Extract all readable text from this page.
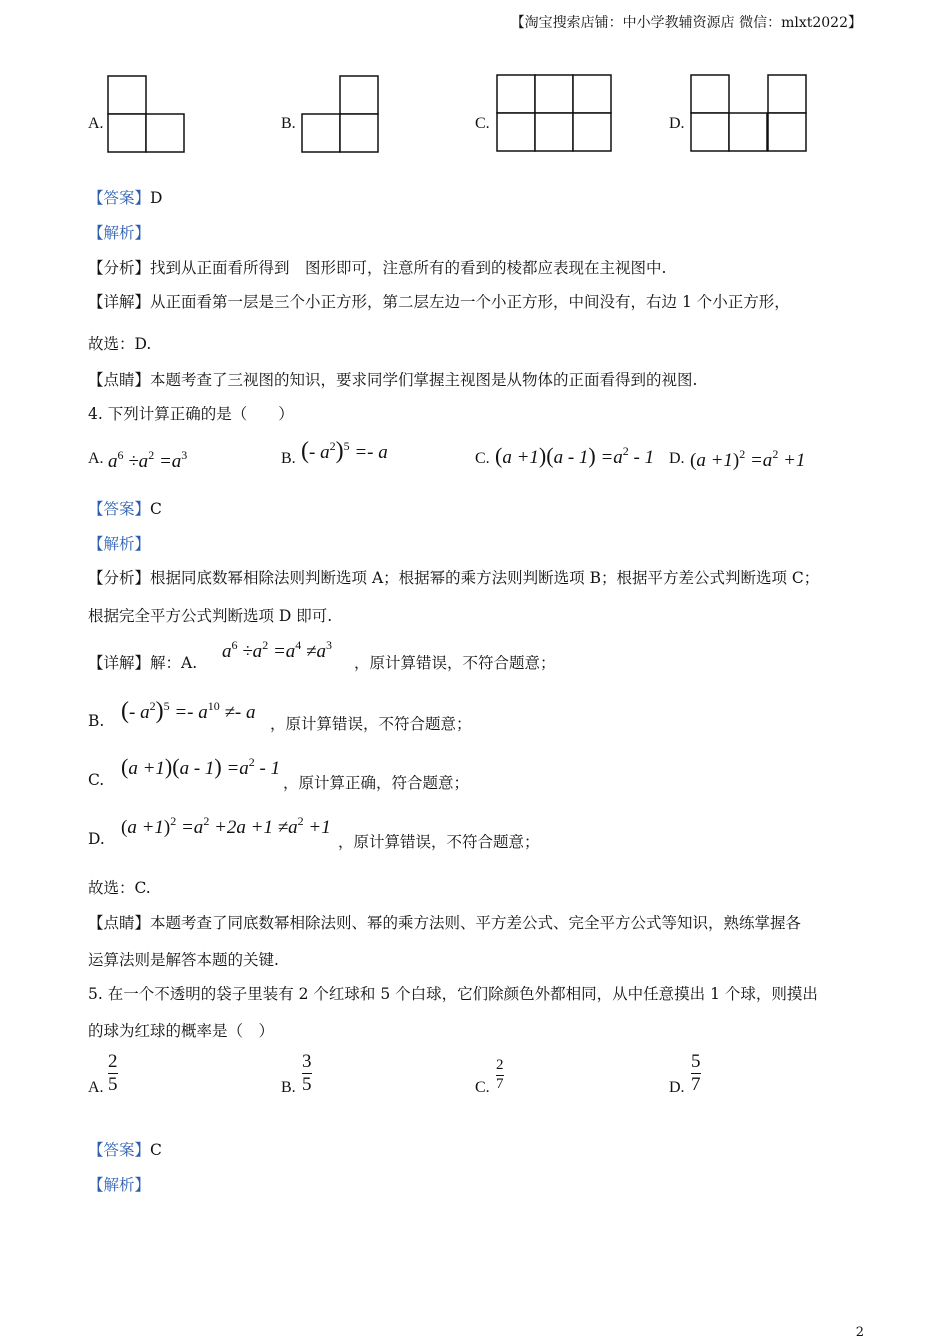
【淘宝搜索店铺：中小学教辅资源店 微信：mlxt2022】
A.	B.	C.	D.
【答案】D
【解析】
【分析】找到从正面看所得到　图形即可，注意所有的看到的棱都应表现在主视图中.
【详解】从正面看第一层是三个小正方形，第二层左边一个小正方形，中间没有，右边 1 个小正方形，
故选：D.
【点睛】本题考查了三视图的知识，要求同学们掌握主视图是从物体的正面看得到的视图.
4. 下列计算正确的是（　　）
A. $a^6 \div a^2 =a^3$	B. (- $a^2)^5 =- a$	C. $(a +1)(a - 1) =a^2 - 1$ D. $(a +1)^2 =a^2 +1$
【答案】C
【解析】
【分析】根据同底数幂相除法则判断选项 A；根据幂的乘方法则判断选项 B；根据平方差公式判断选项 C；
根据完全平方公式判断选项 D 即可.
【详解】解：A.
$a^6 \div a^2 =a^4 \ne a^3$
，原计算错误，不符合题意；
B. (- $a^2)^5 =- a^{10} \ne- a$
，原计算错误，不符合题意；
C.
$(a +1)(a - 1) =a^2 - 1$
，原计算正确，符合题意；
D.
$(a +1)^2 =a^2 +2a +1 \ne a^2 +1$
，原计算错误，不符合题意；
故选：C.
【点睛】本题考查了同底数幂相除法则、幂的乘方法则、平方差公式、完全平方公式等知识，熟练掌握各
运算法则是解答本题的关键.
5. 在一个不透明的袋子里装有 2 个红球和 5 个白球，它们除颜色外都相同，从中任意摸出 1 个球，则摸出
的球为红球的概率是（　）
A.
2
5	B.
3
5	C.
2
7	D.
5
7
【答案】C
【解析】
2
